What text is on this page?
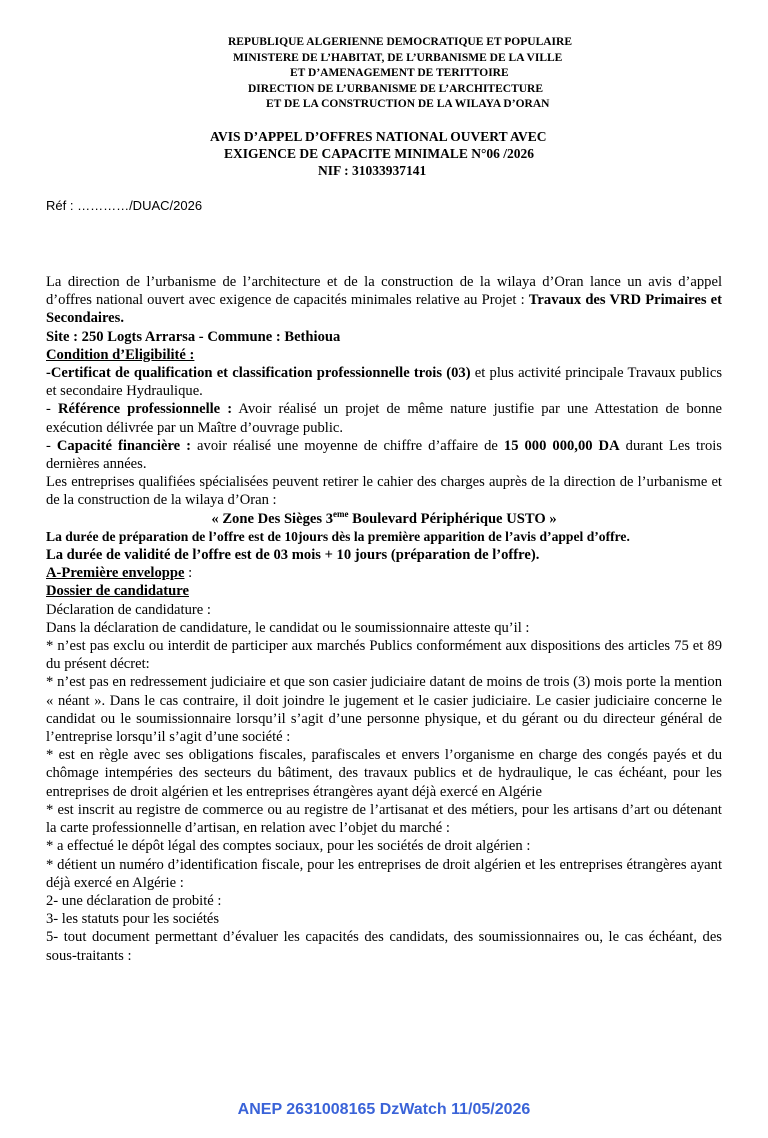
REPUBLIQUE ALGERIENNE DEMOCRATIQUE ET POPULAIRE
MINISTERE DE L’HABITAT, DE L’URBANISME DE LA VILLE
ET D’AMENAGEMENT DE TERITTOIRE
DIRECTION DE L’URBANISME DE L’ARCHITECTURE
ET DE LA CONSTRUCTION DE LA WILAYA D’ORAN
AVIS D’APPEL D’OFFRES NATIONAL OUVERT AVEC
EXIGENCE DE CAPACITE MINIMALE N°06 /2026
NIF : 31033937141
Réf : …………/DUAC/2026

La direction de l’urbanisme de l’architecture et de la construction de la wilaya d’Oran lance un avis d’appel d’offres national ouvert avec exigence de capacités minimales relative au Projet : Travaux des VRD Primaires et Secondaires.

Site : 250 Logts Arrarsa - Commune : Bethioua

Condition d’Eligibilité :

-Certificat de qualification et classification professionnelle trois (03) et plus activité principale Travaux publics et secondaire Hydraulique.

- Référence professionnelle : Avoir réalisé un projet de même nature justifie par une Attestation de bonne exécution délivrée par un Maître d’ouvrage public.

- Capacité financière : avoir réalisé une moyenne de chiffre d’affaire de 15 000 000,00 DA durant Les trois dernières années.

Les entreprises qualifiées spécialisées peuvent retirer le cahier des charges auprès de la direction de l’urbanisme et de la construction de la wilaya d’Oran :

« Zone Des Sièges 3eme Boulevard Périphérique USTO »

La durée de préparation de l’offre est de 10jours dès la première apparition de l’avis d’appel d’offre.

La durée de validité de l’offre est de 03 mois + 10 jours (préparation de l’offre).

A-Première enveloppe :

Dossier de candidature

Déclaration de candidature :

Dans la déclaration de candidature, le candidat ou le soumissionnaire atteste qu’il :

* n’est pas exclu ou interdit de participer aux marchés Publics conformément aux dispositions des articles 75 et 89 du présent décret:

* n’est pas en redressement judiciaire et que son casier judiciaire datant de moins de trois (3) mois porte la mention « néant ». Dans le cas contraire, il doit joindre le jugement et le casier judiciaire. Le casier judiciaire concerne le candidat ou le soumissionnaire lorsqu’il s’agit d’une personne physique, et du gérant ou du directeur général de l’entreprise lorsqu’il s’agit d’une société :

* est en règle avec ses obligations fiscales, parafiscales et envers l’organisme en charge des congés payés et du chômage intempéries des secteurs du bâtiment, des travaux publics et de hydraulique, le cas échéant, pour les entreprises de droit algérien et les entreprises étrangères ayant déjà exercé en Algérie

* est inscrit au registre de commerce ou au registre de l’artisanat et des métiers, pour les artisans d’art ou détenant la carte professionnelle d’artisan, en relation avec l’objet du marché :

* a effectué le dépôt légal des comptes sociaux, pour les sociétés de droit algérien :

* détient un numéro d’identification fiscale, pour les entreprises de droit algérien et les entreprises étrangères ayant déjà exercé en Algérie :

2- une déclaration de probité :

3- les statuts pour les sociétés

5- tout document permettant d’évaluer les capacités des candidats, des soumissionnaires ou, le cas échéant, des sous-traitants :

ANEP 2631008165 DzWatch 11/05/2026
